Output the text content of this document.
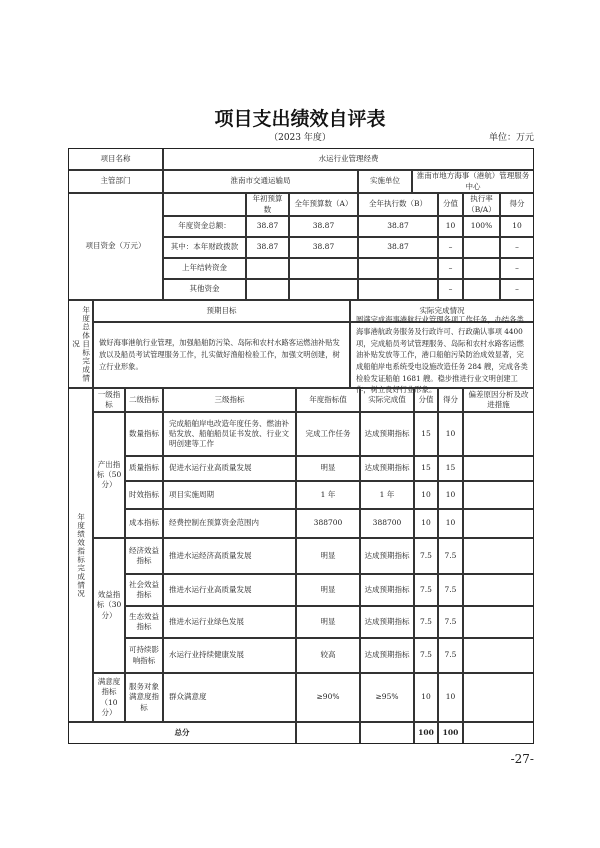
项目支出绩效自评表
（2023 年度）	单位：万元
项目名称	水运行业管理经费
主管部门	淮南市交通运输局	实施单位
淮南市地方海事（港航）管理服务中心
项目资金（万元）
年初预算数
全年预算数（A）	全年执行数（B）	分值
执行率（B/A）
得分
年度资金总额：	38.87	38.87	38.87	10	100%	10
其中：本年财政拨款	38.87	38.87	38.87	–	–
上年结转资金	–	–
其他资金	–	–
年度总体目标完成情况
预期目标	实际完成情况
做好海事港航行业管理，加强船舶防污染、岛际和农村水路客运燃油补贴发放以及船员考试管理服务工作，扎实做好渔船检验工作，加强文明创建，树立行业形象。
圆满完成海事港航行业管理各项工作任务，办结各类海事港航政务服务及行政许可、行政确认事项 4400 项，完成船员考试管理服务、岛际和农村水路客运燃油补贴发放等工作，港口船舶污染防治成效显著，完成船舶岸电系统受电设施改造任务 284 艘，完成各类检验发证船舶 1681 艘。稳步推进行业文明创建工作，树立良好行业形象。
年度绩效指标完成情况
一级指标
二级指标	三级指标	年度指标值	实际完成值	分值	得分
偏差原因分析及改进措施
产出指标（50分）
数量指标
完成船舶岸电改造年度任务、燃油补贴发放、船舶船员证书发放、行业文明创建等工作
完成工作任务	达成预期指标	15	10
质量指标	促进水运行业高质量发展	明显	达成预期指标	15	15
时效指标	项目实施周期	1 年	1 年	10	10
成本指标	经费控制在预算资金范围内	388700	388700	10	10
效益指标（30分）
经济效益指标
推进水运经济高质量发展	明显	达成预期指标	7.5	7.5
社会效益指标
推进水运行业高质量发展	明显	达成预期指标	7.5	7.5
生态效益指标
推进水运行业绿色发展	明显	达成预期指标	7.5	7.5
可持续影响指标
水运行业持续健康发展	较高	达成预期指标	7.5	7.5
满意度指标（10分）
服务对象满意度指标
群众满意度	≥90%	≥95%	10	10
总分	100	100
-27-
